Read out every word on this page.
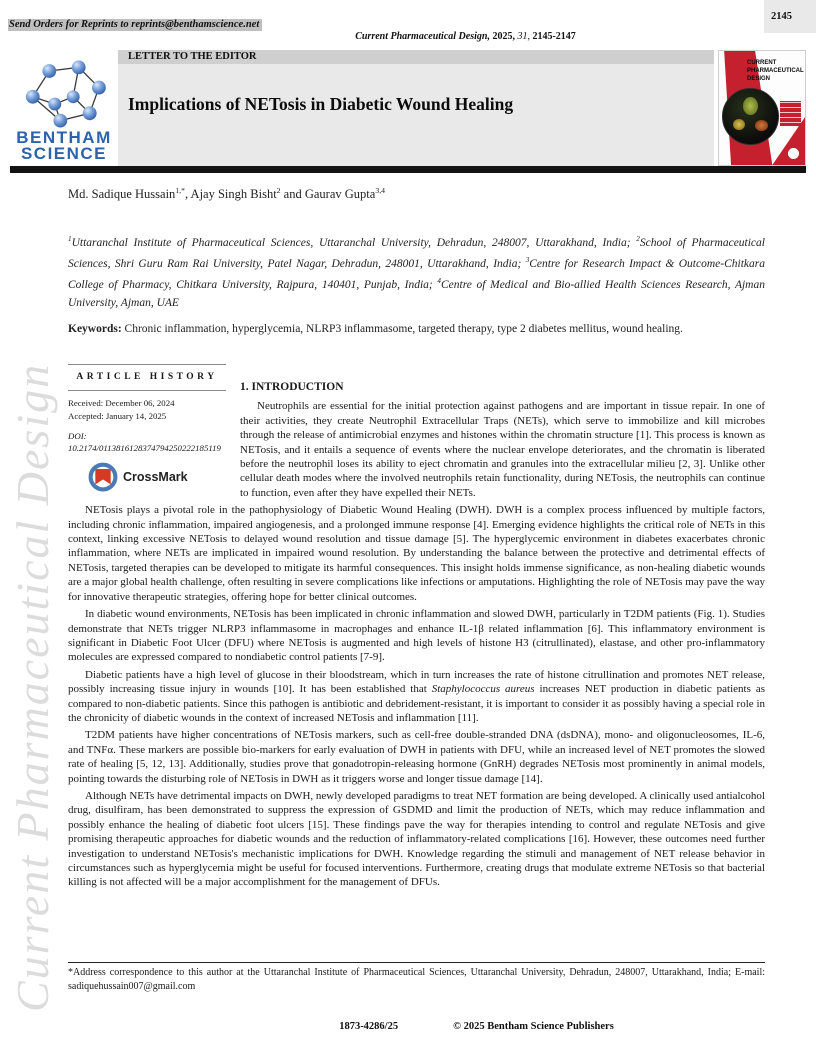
Current Pharmaceutical Design
2145
Send Orders for Reprints to reprints@benthamscience.net
Current Pharmaceutical Design, 2025, 31, 2145-2147
BENTHAM
SCIENCE
LETTER TO THE EDITOR
Implications of NETosis in Diabetic Wound Healing
CURRENT PHARMACEUTICAL DESIGN
Md. Sadique Hussain$^{1,*}$, Ajay Singh Bisht$^2$ and Gaurav Gupta$^{3,4}$
$^1$Uttaranchal Institute of Pharmaceutical Sciences, Uttaranchal University, Dehradun, 248007, Uttarakhand, India; $^2$School of Pharmaceutical Sciences, Shri Guru Ram Rai University, Patel Nagar, Dehradun, 248001, Uttarakhand, India; $^3$Centre for Research Impact & Outcome-Chitkara College of Pharmacy, Chitkara University, Rajpura, 140401, Punjab, India; $^4$Centre of Medical and Bio-allied Health Sciences Research, Ajman University, Ajman, UAE
Keywords: Chronic inflammation, hyperglycemia, NLRP3 inflammasome, targeted therapy, type 2 diabetes mellitus, wound healing.
ARTICLE HISTORY
Received: December 06, 2024
Accepted: January 14, 2025
DOI:
10.2174/0113816128374794250222185119
CrossMark
1. INTRODUCTION

Neutrophils are essential for the initial protection against pathogens and are important in tissue repair. In one of their activities, they create Neutrophil Extracellular Traps (NETs), which serve to immobilize and kill microbes through the release of antimicrobial enzymes and histones within the chromatin structure [1]. This process is known as NETosis, and it entails a sequence of events where the nuclear envelope deteriorates, and the chromatin is liberated before the neutrophil loses its ability to eject chromatin and granules into the extracellular milieu [2, 3]. Unlike other cellular death modes where the involved neutrophils retain functionality, during NETosis, the neutrophils can continue to function, even after they have expelled their NETs.

NETosis plays a pivotal role in the pathophysiology of Diabetic Wound Healing (DWH). DWH is a complex process influenced by multiple factors, including chronic inflammation, impaired angiogenesis, and a prolonged immune response [4]. Emerging evidence highlights the critical role of NETs in this context, linking excessive NETosis to delayed wound resolution and tissue damage [5]. The hyperglycemic environment in diabetes exacerbates chronic inflammation, where NETs are implicated in impaired wound resolution. By understanding the balance between the protective and detrimental effects of NETosis, targeted therapies can be developed to mitigate its harmful consequences. This insight holds immense significance, as non-healing diabetic wounds are a major global health challenge, often resulting in severe complications like infections or amputations. Highlighting the role of NETosis may pave the way for innovative therapeutic strategies, offering hope for better clinical outcomes.

In diabetic wound environments, NETosis has been implicated in chronic inflammation and slowed DWH, particularly in T2DM patients (Fig. 1). Studies demonstrate that NETs trigger NLRP3 inflammasome in macrophages and enhance IL-1β related inflammation [6]. This inflammatory environment is significant in Diabetic Foot Ulcer (DFU) where NETosis is augmented and high levels of histone H3 (citrullinated), elastase, and other pro-inflammatory molecules are expressed compared to nondiabetic control patients [7-9].

Diabetic patients have a high level of glucose in their bloodstream, which in turn increases the rate of histone citrullination and promotes NET release, possibly increasing tissue injury in wounds [10]. It has been established that Staphylococcus aureus increases NET production in diabetic patients as compared to non-diabetic patients. Since this pathogen is antibiotic and debridement-resistant, it is important to consider it as possibly having a special role in the chronicity of diabetic wounds in the context of increased NETosis and inflammation [11].

T2DM patients have higher concentrations of NETosis markers, such as cell-free double-stranded DNA (dsDNA), mono- and oligonucleosomes, IL-6, and TNFα. These markers are possible bio-markers for early evaluation of DWH in patients with DFU, while an increased level of NET promotes the slowed rate of healing [5, 12, 13]. Additionally, studies prove that gonadotropin-releasing hormone (GnRH) degrades NETosis most prominently in animal models, pointing towards the disturbing role of NETosis in DWH as it triggers worse and longer tissue damage [14].

Although NETs have detrimental impacts on DWH, newly developed paradigms to treat NET formation are being developed. A clinically used antialcohol drug, disulfiram, has been demonstrated to suppress the expression of GSDMD and limit the production of NETs, which may reduce inflammation and possibly enhance the healing of diabetic foot ulcers [15]. These findings pave the way for therapies intending to control and regulate NETosis and give promising therapeutic approaches for diabetic wounds and the reduction of inflammatory-related complications [16]. However, these outcomes need further investigation to understand NETosis's mechanistic implications for DWH. Knowledge regarding the stimuli and management of NET release behavior in circumstances such as hyperglycemia might be useful for focused interventions. Furthermore, creating drugs that modulate extreme NETosis so that bacterial killing is not affected will be a major accomplishment for the management of DFUs.

*Address correspondence to this author at the Uttaranchal Institute of Pharmaceutical Sciences, Uttaranchal University, Dehradun, 248007, Uttarakhand, India; E-mail: sadiquehussain007@gmail.com
1873-4286/25	© 2025 Bentham Science Publishers
